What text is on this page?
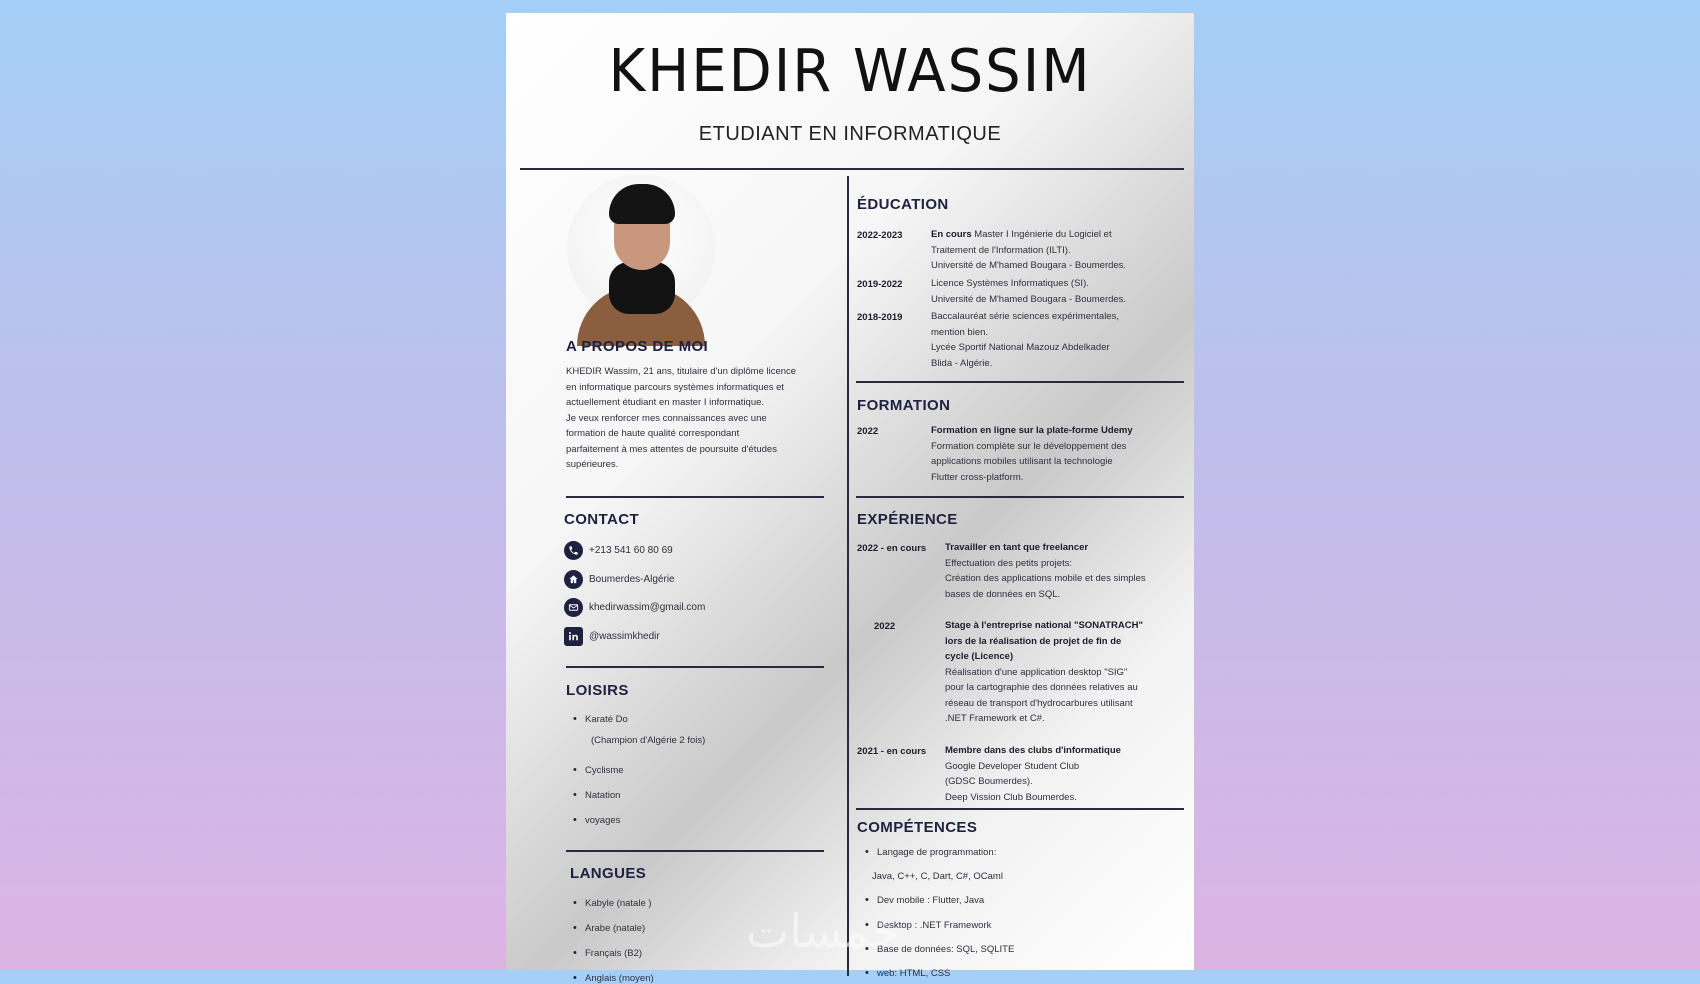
KHEDIR WASSIM
ETUDIANT EN INFORMATIQUE
A PROPOS DE MOI
KHEDIR Wassim, 21 ans, titulaire d'un diplôme licence
en informatique parcours systèmes informatiques et
actuellement étudiant en master I informatique.
Je veux renforcer mes connaissances avec une
formation de haute qualité correspondant
parfaitement à mes attentes de poursuite d'études
supérieures.
CONTACT
+213 541 60 80 69
Boumerdes-Algérie
khedirwassim@gmail.com
@wassimkhedir
LOISIRS
• Karaté Do
(Champion d'Algérie 2 fois)
• Cyclisme
• Natation
• voyages
LANGUES
• Kabyle (natale )
• Arabe (natale)
• Français (B2)
• Anglais (moyen)
ÉDUCATION
2022-2023	En cours Master I Ingénierie du Logiciel et
Traitement de l'Information (ILTI).
Université de M'hamed Bougara - Boumerdes.
2019-2022	Licence Systèmes Informatiques (SI).
Université de M'hamed Bougara - Boumerdes.
2018-2019	Baccalauréat série sciences expérimentales,
mention bien.
Lycée Sportif National Mazouz Abdelkader
Blida - Algérie.
FORMATION
2022	Formation en ligne sur la plate-forme Udemy
Formation complète sur le développement des
applications mobiles utilisant la technologie
Flutter cross-platform.
EXPÉRIENCE
2022 - en cours Travailler en tant que freelancer
Effectuation des petits projets:
Création des applications mobile et des simples
bases de données en SQL.
2022	Stage à l'entreprise national "SONATRACH"
lors de la réalisation de projet de fin de
cycle (Licence)
Réalisation d'une application desktop "SIG"
pour la cartographie des données relatives au
réseau de transport d'hydrocarbures utilisant
.NET Framework et C#.
2021 - en cours Membre dans des clubs d'informatique
Google Developer Student Club
(GDSC Boumerdes).
Deep Vission Club Boumerdes.
COMPÉTENCES
• Langage de programmation:
Java, C++, C, Dart, C#, OCaml
• Dev mobile : Flutter, Java
• Desktop : .NET Framework
• Base de données: SQL, SQLITE
• web: HTML, CSS
خمسات
